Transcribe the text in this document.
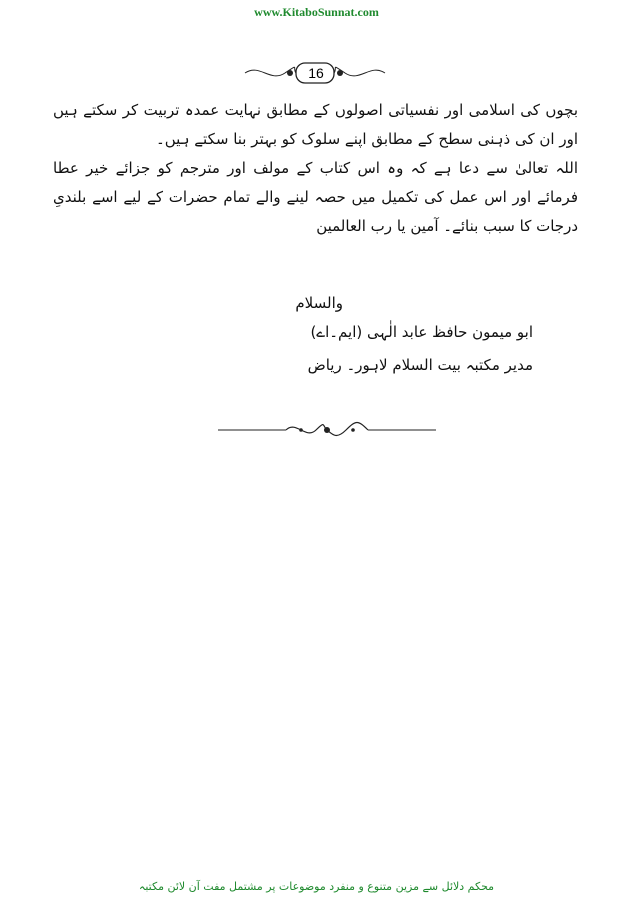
www.KitaboSunnat.com
16

بچوں کی اسلامی اور نفسیاتی اصولوں کے مطابق نہایت عمدہ تربیت کر سکتے ہیں اور ان کی ذہنی سطح کے مطابق اپنے سلوک کو بہتر بنا سکتے ہیں۔

اللہ تعالیٰ سے دعا ہے کہ وہ اس کتاب کے مولف اور مترجم کو جزائے خیر عطا فرمائے اور اس عمل کی تکمیل میں حصہ لینے والے تمام حضرات کے لیے اسے بلندیِ درجات کا سبب بنائے۔ آمین یا رب العالمین

والسلام
ابو میمون حافظ عابد الٰہی (ایم۔اے)
مدیر مکتبہ بیت السلام لاہور۔ ریاض
محکم دلائل سے مزین متنوع و منفرد موضوعات پر مشتمل مفت آن لائن مکتبہ
